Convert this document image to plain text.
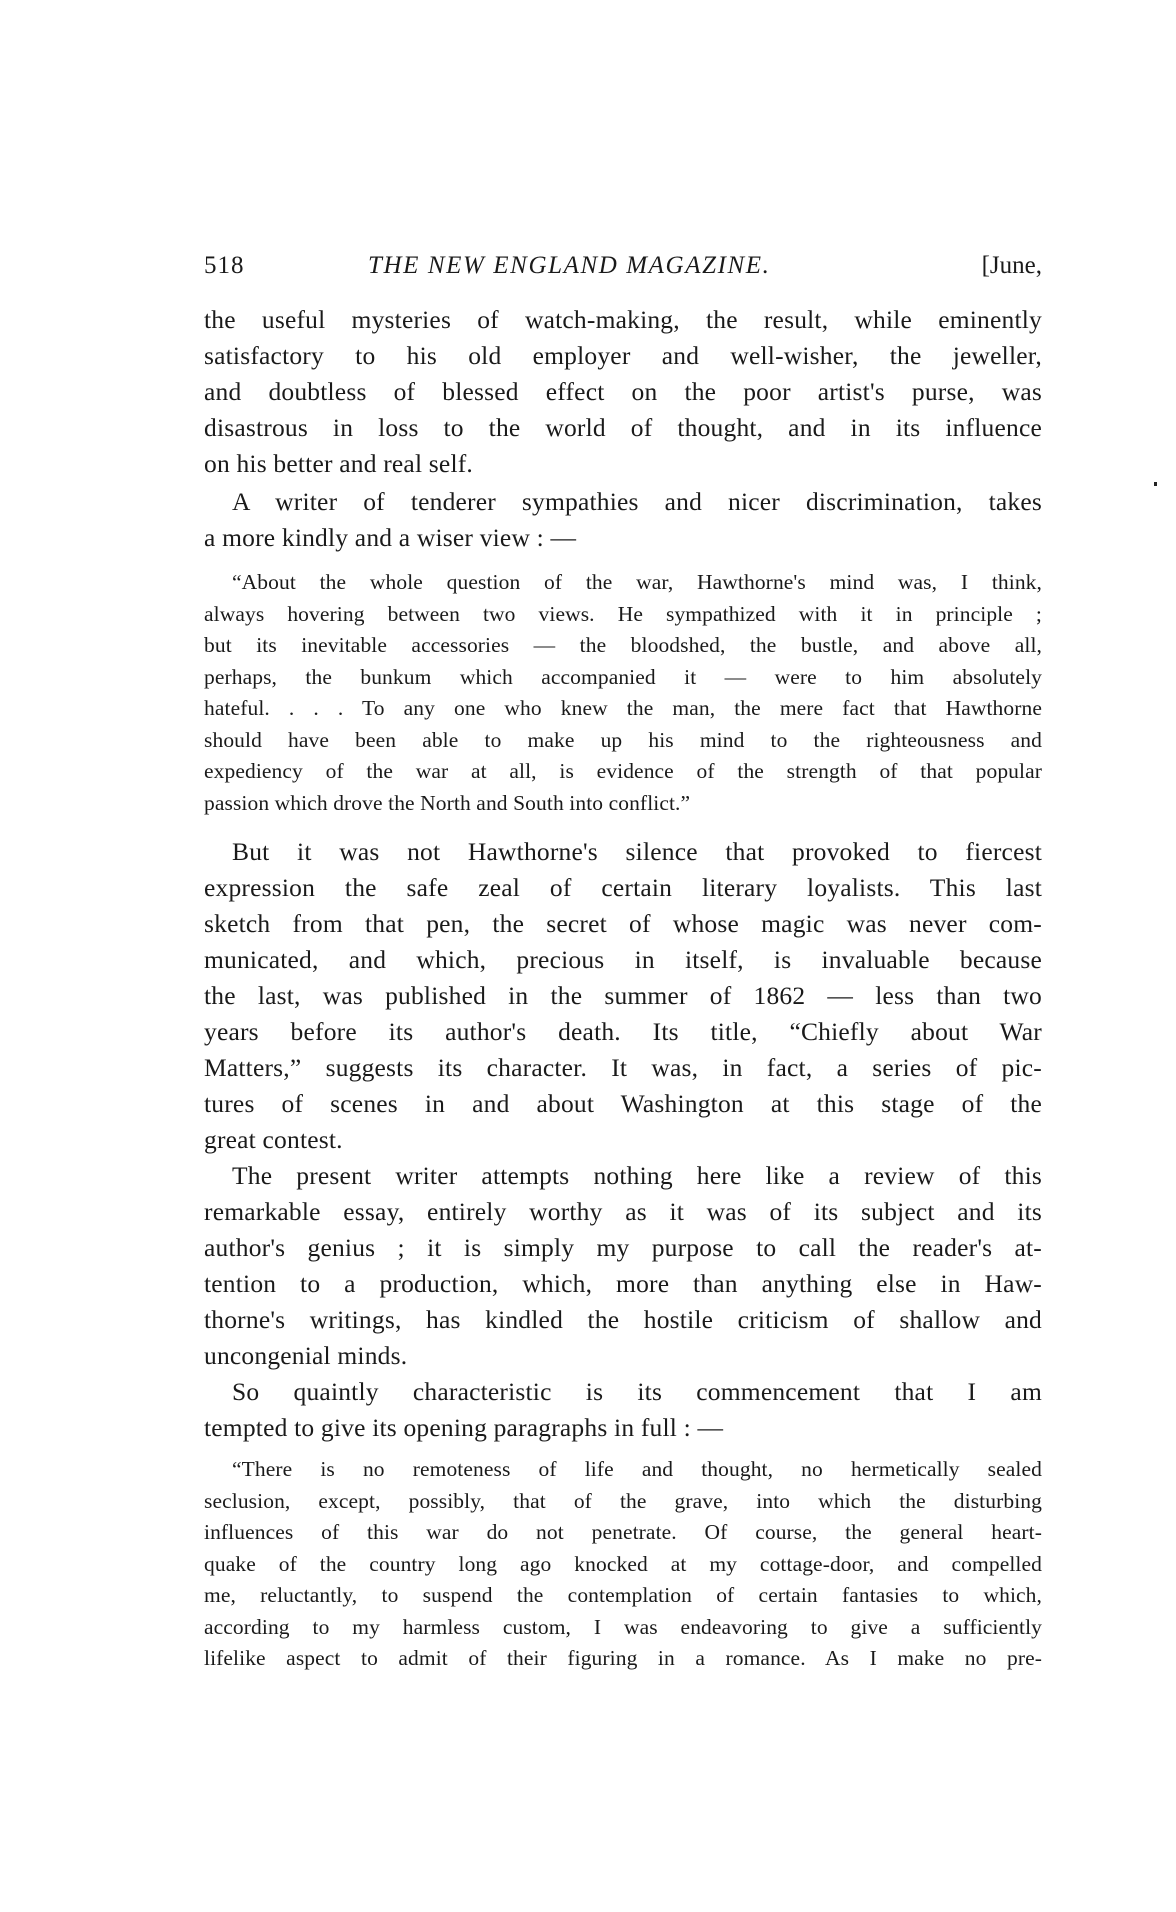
518	THE NEW ENGLAND MAGAZINE.	[June,
the useful mysteries of watch-making, the result, while eminently
satisfactory to his old employer and well-wisher, the jeweller,
and doubtless of blessed effect on the poor artist's purse, was
disastrous in loss to the world of thought, and in its influence
on his better and real self.
A writer of tenderer sympathies and nicer discrimination, takes
a more kindly and a wiser view : —
“About the whole question of the war, Hawthorne's mind was, I think,
always hovering between two views. He sympathized with it in principle ;
but its inevitable accessories — the bloodshed, the bustle, and above all,
perhaps, the bunkum which accompanied it — were to him absolutely
hateful. . . . To any one who knew the man, the mere fact that Hawthorne
should have been able to make up his mind to the righteousness and
expediency of the war at all, is evidence of the strength of that popular
passion which drove the North and South into conflict.”
But it was not Hawthorne's silence that provoked to fiercest
expression the safe zeal of certain literary loyalists. This last
sketch from that pen, the secret of whose magic was never com-
municated, and which, precious in itself, is invaluable because
the last, was published in the summer of 1862 — less than two
years before its author's death. Its title, “Chiefly about War
Matters,” suggests its character. It was, in fact, a series of pic-
tures of scenes in and about Washington at this stage of the
great contest.
The present writer attempts nothing here like a review of this
remarkable essay, entirely worthy as it was of its subject and its
author's genius ; it is simply my purpose to call the reader's at-
tention to a production, which, more than anything else in Haw-
thorne's writings, has kindled the hostile criticism of shallow and
uncongenial minds.
So quaintly characteristic is its commencement that I am
tempted to give its opening paragraphs in full : —
“There is no remoteness of life and thought, no hermetically sealed
seclusion, except, possibly, that of the grave, into which the disturbing
influences of this war do not penetrate. Of course, the general heart-
quake of the country long ago knocked at my cottage-door, and compelled
me, reluctantly, to suspend the contemplation of certain fantasies to which,
according to my harmless custom, I was endeavoring to give a sufficiently
lifelike aspect to admit of their figuring in a romance. As I make no pre-
